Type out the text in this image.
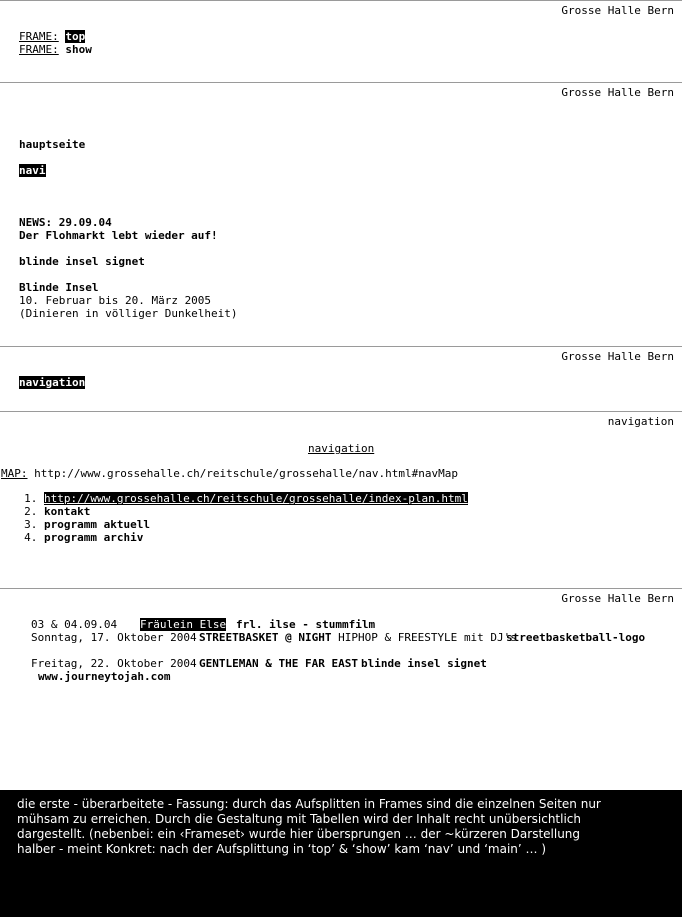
Grosse Halle Bern
FRAME: top
FRAME: show
Grosse Halle Bern
hauptseite
navi
NEWS: 29.09.04
Der Flohmarkt lebt wieder auf!
blinde insel signet
Blinde Insel
10. Februar bis 20. März 2005
(Dinieren in völliger Dunkelheit)
Grosse Halle Bern
navigation
navigation
navigation
MAP: http://www.grossehalle.ch/reitschule/grossehalle/nav.html#navMap
1. http://www.grossehalle.ch/reitschule/grossehalle/index-plan.html
2. kontakt
3. programm aktuell
4. programm archiv
Grosse Halle Bern
03 & 04.09.04 Fräulein Else frl. ilse - stummfilm
Sonntag, 17. Oktober 2004 STREETBASKET @ NIGHT HIPHOP & FREESTYLE mit DJ's
streetbasketball-logo
Freitag, 22. Oktober 2004 GENTLEMAN & THE FAR EAST blinde insel signet
www.journeytojah.com
die erste - überarbeitete - Fassung: durch das Aufsplitten in Frames sind die einzelnen Seiten nur mühsam zu erreichen. Durch die Gestaltung mit Tabellen wird der Inhalt recht unübersichtlich dargestellt. (nebenbei: ein ‹Frameset› wurde hier übersprungen … der ~kürzeren Darstellung halber - meint Konkret: nach der Aufsplittung in ‘top’ & ‘show’ kam ‘nav’ und ‘main’ … )
